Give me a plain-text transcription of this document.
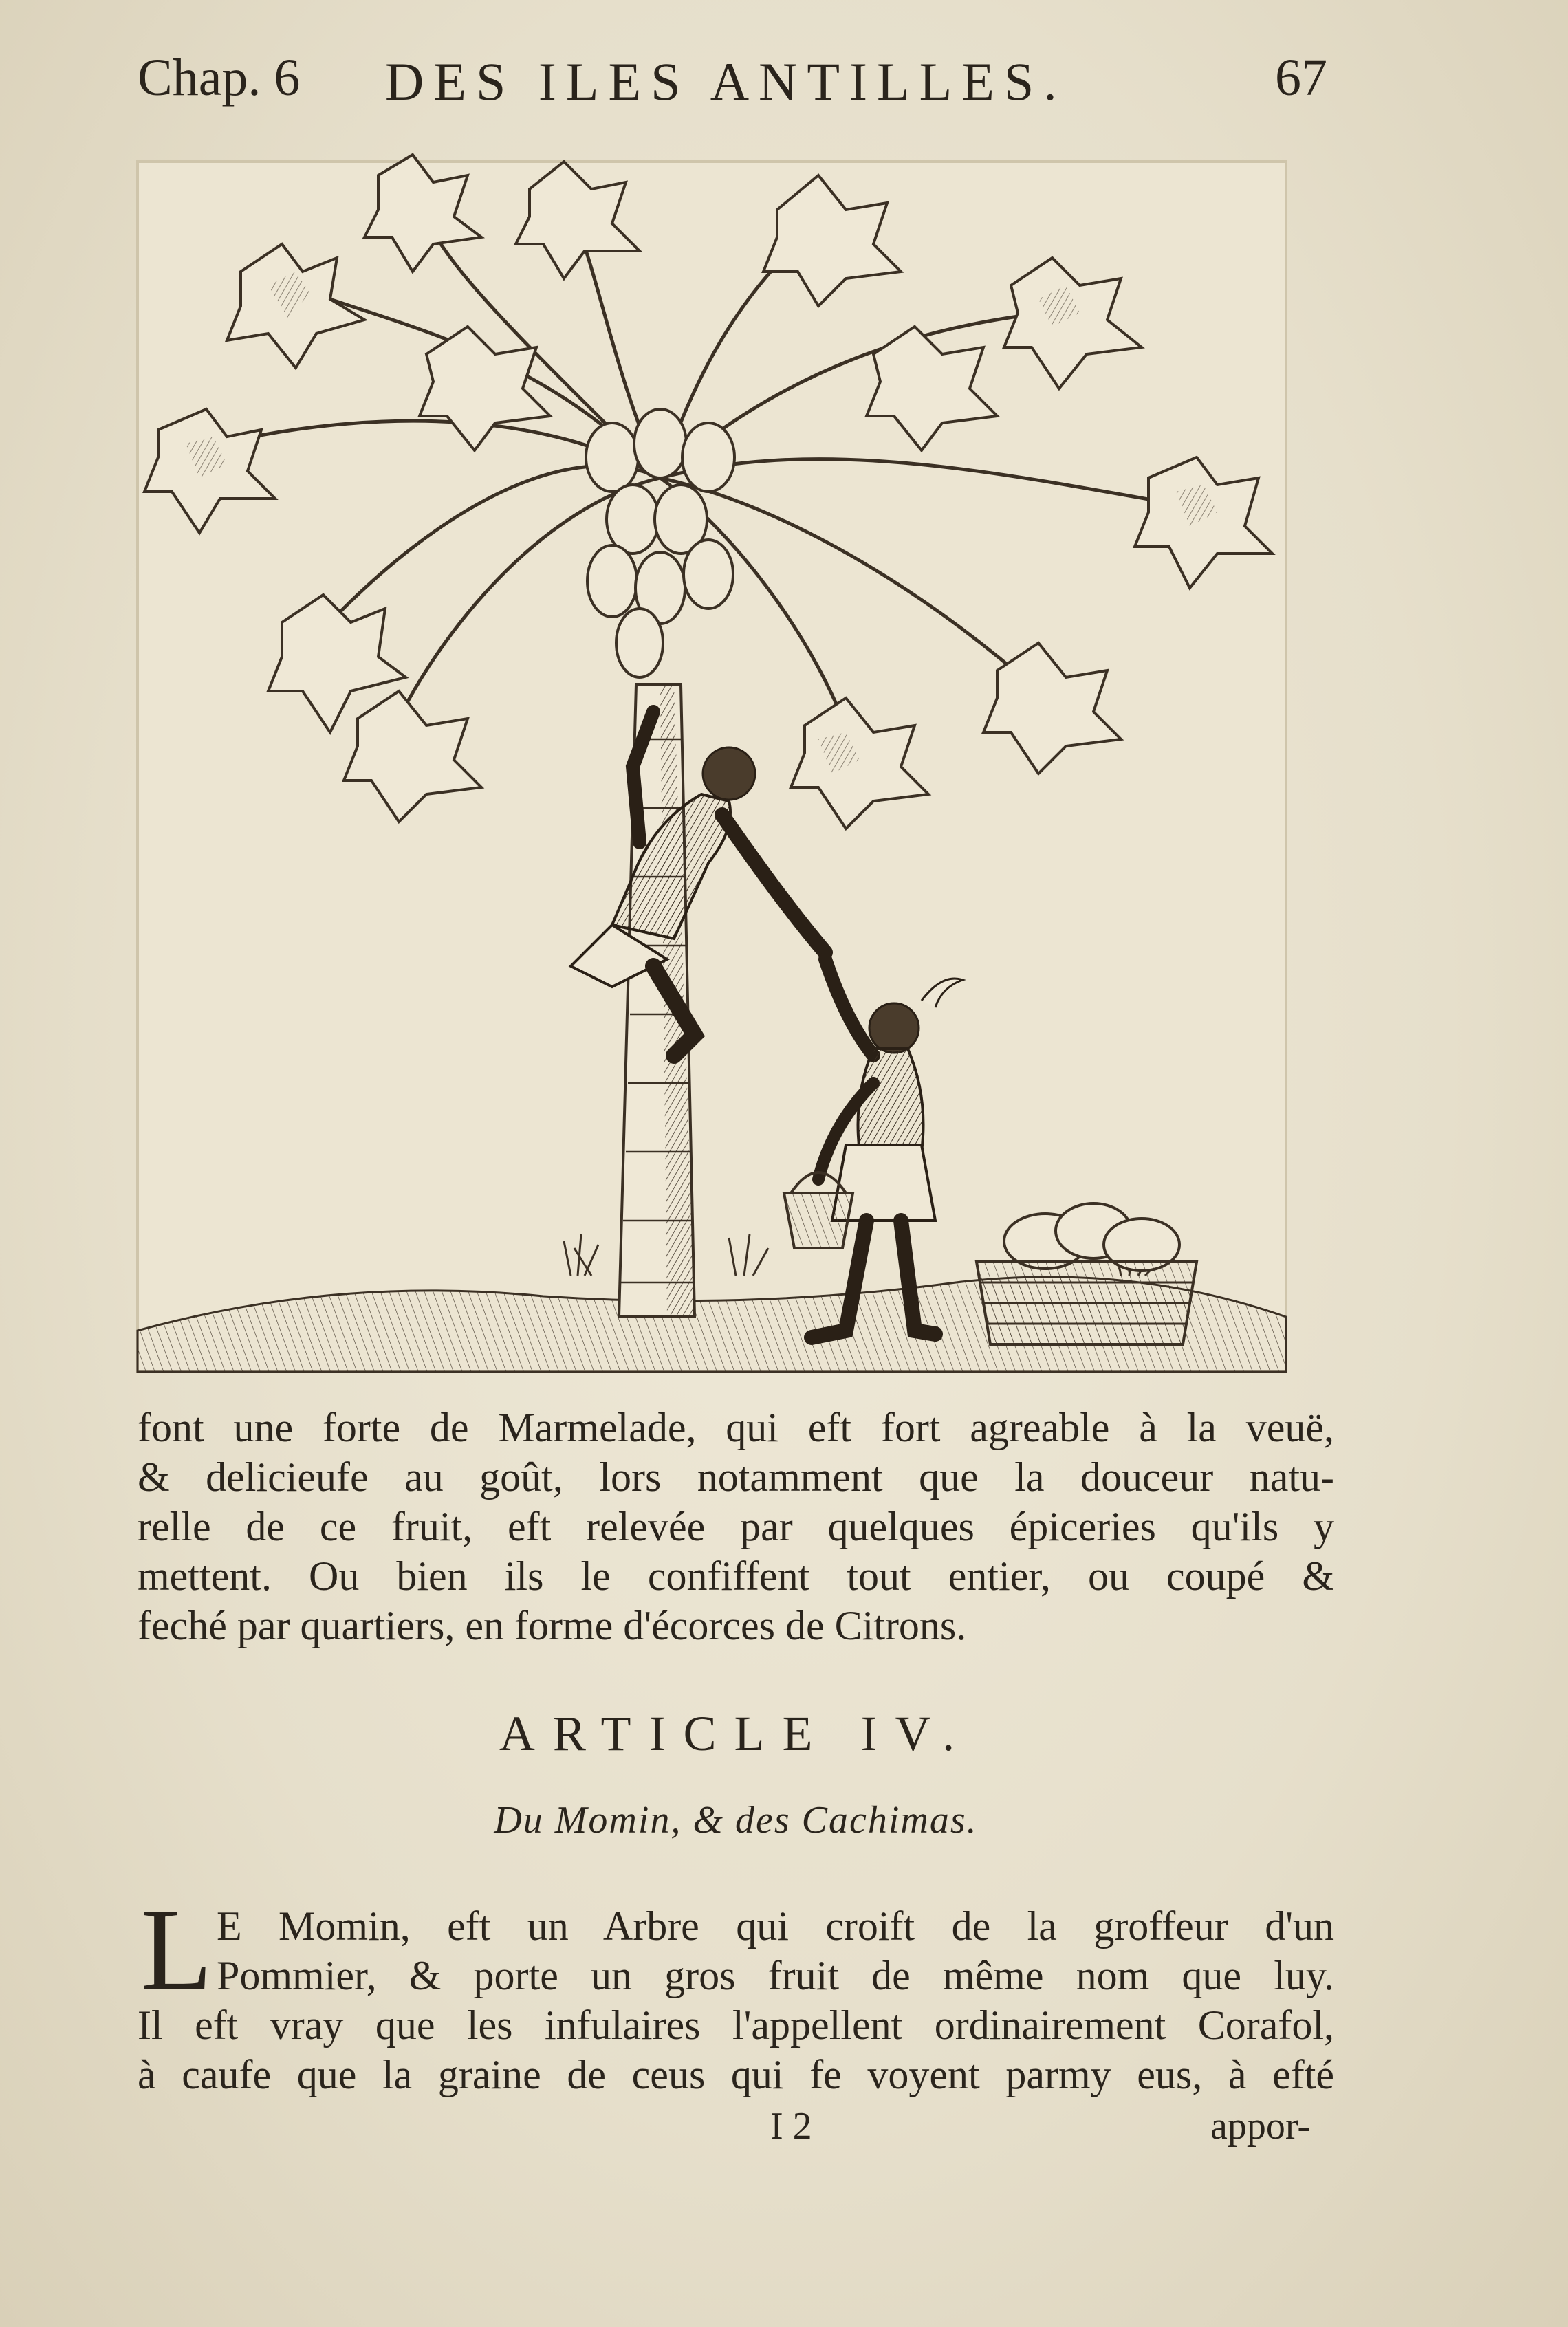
Chap. 6 DES ILES ANTILLES.	67
font une forte de Marmelade, qui eft fort agreable à la veuë,
& delicieufe au goût, lors notamment que la douceur natu-
relle de ce fruit, eft relevée par quelques épiceries qu'ils y
mettent. Ou bien ils le confiffent tout entier, ou coupé &
feché par quartiers, en forme d'écorces de Citrons.
ARTICLE IV.
Du Momin, & des Cachimas.
L E Momin, eft un Arbre qui croift de la groffeur d'un
Pommier, & porte un gros fruit de même nom que luy.
Il eft vray que les infulaires l'appellent ordinairement Corafol,
à caufe que la graine de ceus qui fe voyent parmy eus, à efté
I 2	appor-
